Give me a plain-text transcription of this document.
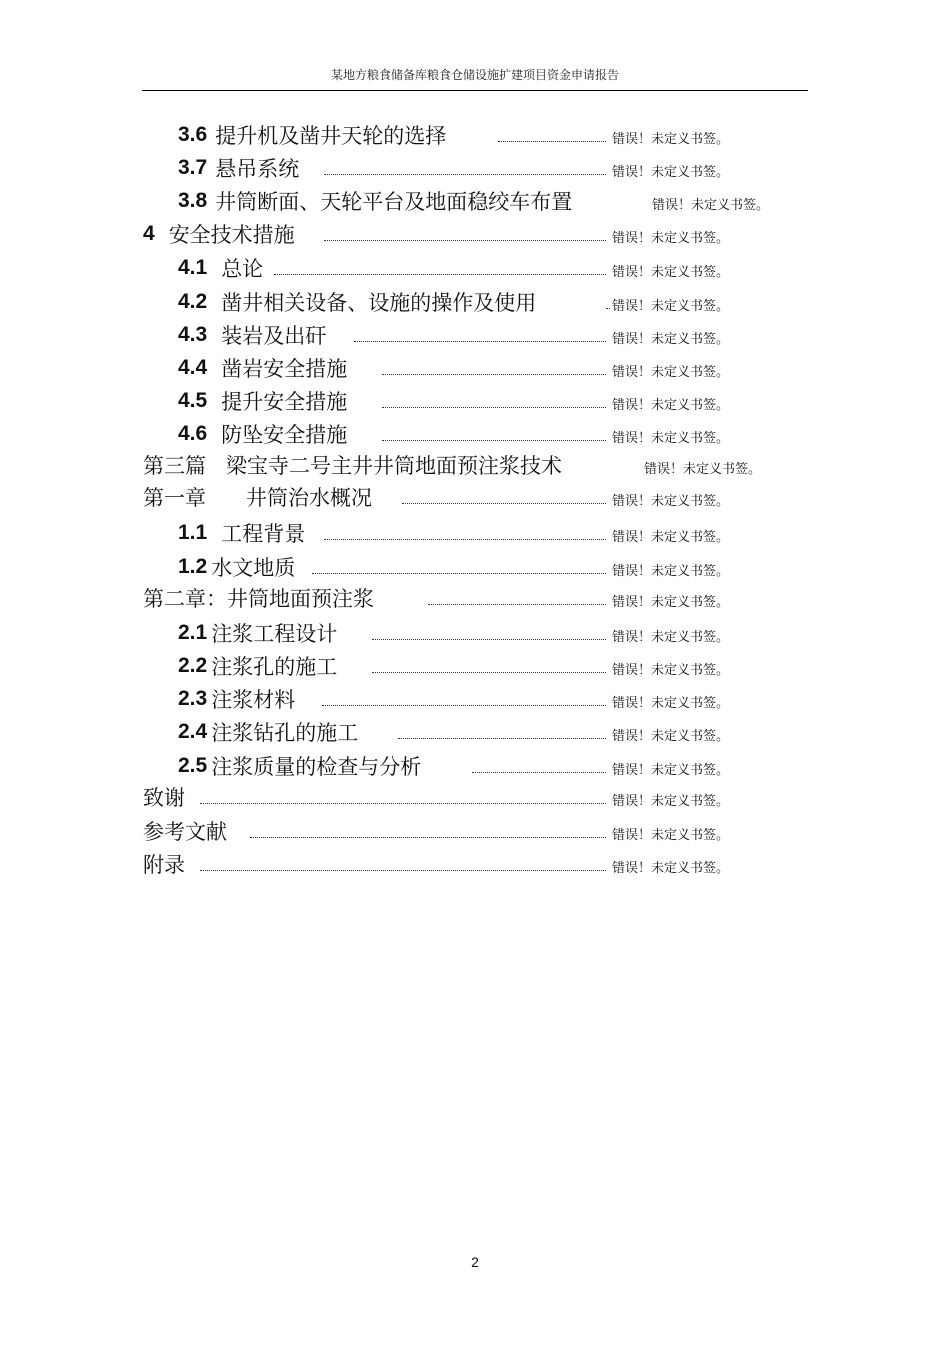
某地方粮食储备库粮食仓储设施扩建项目资金申请报告
3.6 提升机及凿井天轮的选择	错误！未定义书签。
3.7 悬吊系统	错误！未定义书签。
3.8 井筒断面、天轮平台及地面稳绞车布置	错误！未定义书签。
4 安全技术措施	错误！未定义书签。
4.1 总论	错误！未定义书签。
4.2 凿井相关设备、设施的操作及使用	错误！未定义书签。
4.3 装岩及出矸	错误！未定义书签。
4.4 凿岩安全措施	错误！未定义书签。
4.5 提升安全措施	错误！未定义书签。
4.6 防坠安全措施	错误！未定义书签。
第三篇   梁宝寺二号主井井筒地面预注浆技术	错误！未定义书签。
第一章      井筒治水概况	错误！未定义书签。
1.1 工程背景	错误！未定义书签。
1.2 水文地质	错误！未定义书签。
第二章：井筒地面预注浆	错误！未定义书签。
2.1 注浆工程设计	错误！未定义书签。
2.2 注浆孔的施工	错误！未定义书签。
2.3 注浆材料	错误！未定义书签。
2.4 注浆钻孔的施工	错误！未定义书签。
2.5 注浆质量的检查与分析	错误！未定义书签。
致谢	错误！未定义书签。
参考文献	错误！未定义书签。
附录	错误！未定义书签。
2
